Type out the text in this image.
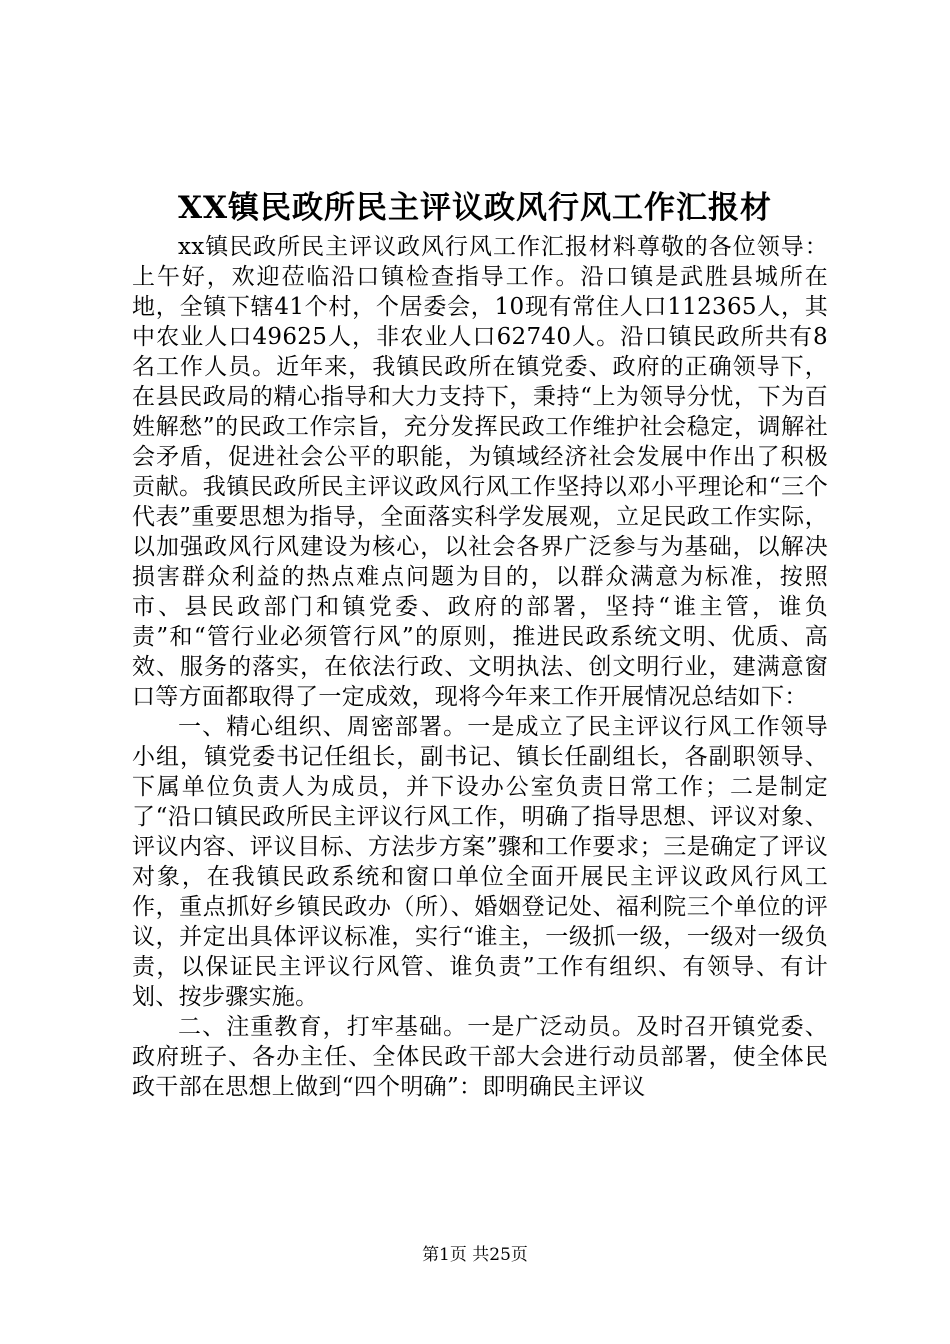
XX镇民政所民主评议政风行风工作汇报材

xx镇民政所民主评议政风行风工作汇报材料尊敬的各位领导：上午好，欢迎莅临沿口镇检查指导工作。沿口镇是武胜县城所在地，全镇下辖41个村，个居委会，10现有常住人口112365人，其中农业人口49625人，非农业人口62740人。沿口镇民政所共有8名工作人员。近年来，我镇民政所在镇党委、政府的正确领导下，在县民政局的精心指导和大力支持下，秉持“上为领导分忧，下为百姓解愁”的民政工作宗旨，充分发挥民政工作维护社会稳定，调解社会矛盾，促进社会公平的职能，为镇域经济社会发展中作出了积极贡献。我镇民政所民主评议政风行风工作坚持以邓小平理论和“三个代表”重要思想为指导，全面落实科学发展观，立足民政工作实际，以加强政风行风建设为核心，以社会各界广泛参与为基础，以解决损害群众利益的热点难点问题为目的，以群众满意为标准，按照市、县民政部门和镇党委、政府的部署，坚持“谁主管，谁负责”和“管行业必须管行风”的原则，推进民政系统文明、优质、高效、服务的落实，在依法行政、文明执法、创文明行业，建满意窗口等方面都取得了一定成效，现将今年来工作开展情况总结如下：

一、精心组织、周密部署。一是成立了民主评议行风工作领导小组，镇党委书记任组长，副书记、镇长任副组长，各副职领导、下属单位负责人为成员，并下设办公室负责日常工作；二是制定了“沿口镇民政所民主评议行风工作，明确了指导思想、评议对象、评议内容、评议目标、方法步方案”骤和工作要求；三是确定了评议对象，在我镇民政系统和窗口单位全面开展民主评议政风行风工作，重点抓好乡镇民政办（所）、婚姻登记处、福利院三个单位的评议，并定出具体评议标准，实行“谁主，一级抓一级，一级对一级负责，以保证民主评议行风管、谁负责”工作有组织、有领导、有计划、按步骤实施。

二、注重教育，打牢基础。一是广泛动员。及时召开镇党委、政府班子、各办主任、全体民政干部大会进行动员部署，使全体民政干部在思想上做到“四个明确”：即明确民主评议

第1页 共25页
